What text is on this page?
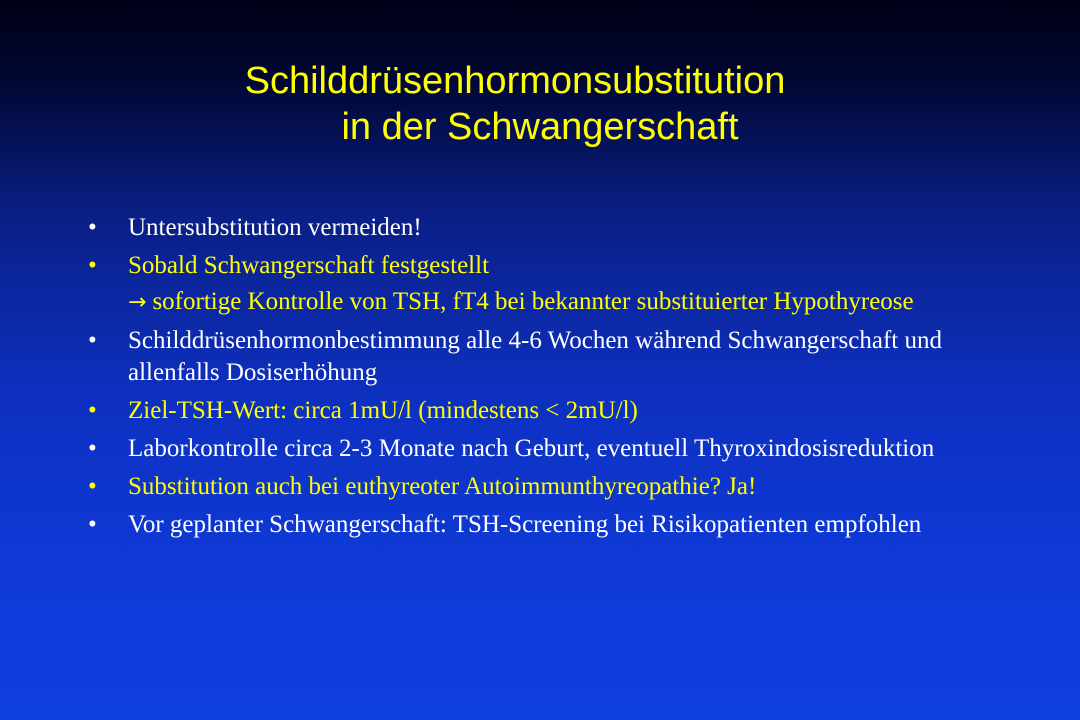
Schilddrüsenhormonsubstitution
in der Schwangerschaft
• Untersubstitution vermeiden!
• Sobald Schwangerschaft festgestellt
→ sofortige Kontrolle von TSH, fT4 bei bekannter substituierter Hypothyreose
• Schilddrüsenhormonbestimmung alle 4-6 Wochen während Schwangerschaft und allenfalls Dosiserhöhung
• Ziel-TSH-Wert: circa 1mU/l (mindestens < 2mU/l)
• Laborkontrolle circa 2-3 Monate nach Geburt, eventuell Thyroxindosisreduktion
• Substitution auch bei euthyreoter Autoimmunthyreopathie? Ja!
• Vor geplanter Schwangerschaft: TSH-Screening bei Risikopatienten empfohlen
